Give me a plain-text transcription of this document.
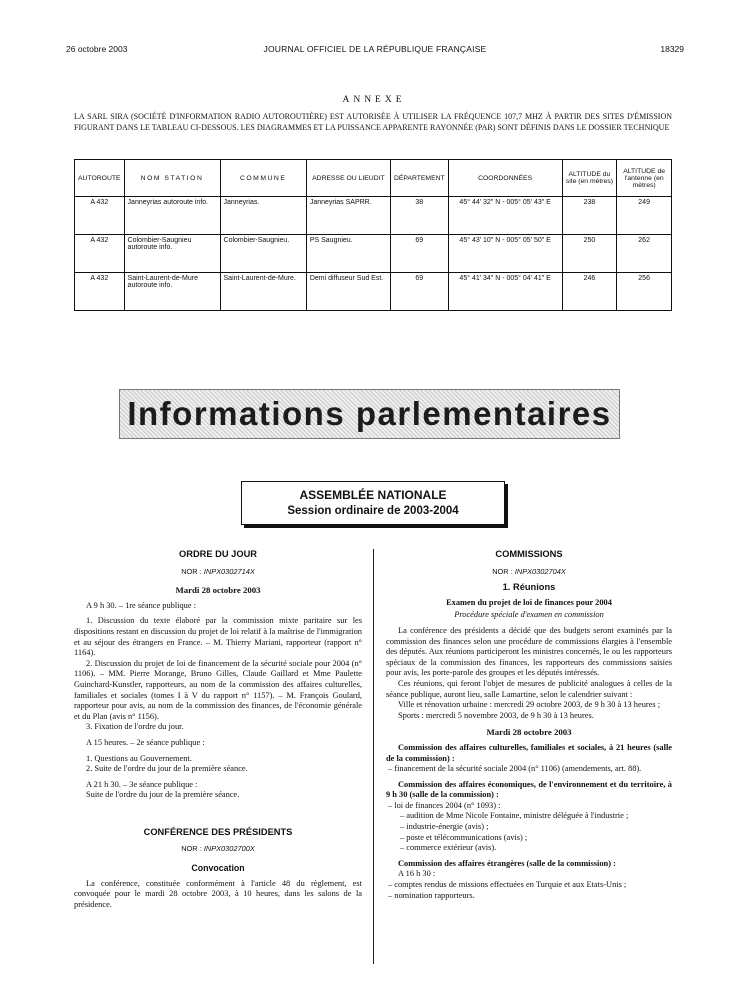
26 octobre 2003	JOURNAL OFFICIEL DE LA RÉPUBLIQUE FRANÇAISE	18329
ANNEXE
LA SARL SIRA (SOCIÉTÉ D'INFORMATION RADIO AUTOROUTIÈRE) EST AUTORISÉE À UTILISER LA FRÉQUENCE 107,7 MHZ À PARTIR DES SITES D'ÉMISSION FIGURANT DANS LE TABLEAU CI-DESSOUS. LES DIAGRAMMES ET LA PUISSANCE APPARENTE RAYONNÉE (PAR) SONT DÉFINIS DANS LE DOSSIER TECHNIQUE
AUTOROUTE	NOM STATION	COMMUNE	ADRESSE OU LIEUDIT	DÉPARTEMENT	COORDONNÉES	ALTITUDE du site (en mètres)	ALTITUDE de l'antenne (en mètres)
A 432	Janneyrias autoroute info.	Janneyrias.	Janneyrias SAPRR.	38	45° 44′ 32″ N - 005° 05′ 43″ E	238	249
A 432	Colombier-Saugnieu autoroute info.	Colombier-Saugnieu.	PS Saugnieu.	69	45° 43′ 10″ N - 005° 05′ 50″ E	250	262
A 432	Saint-Laurent-de-Mure autoroute info.	Saint-Laurent-de-Mure.	Demi diffuseur Sud Est.	69	45° 41′ 34″ N - 005° 04′ 41″ E	246	256
Informations parlementaires
ASSEMBLÉE NATIONALE
Session ordinaire de 2003-2004
ORDRE DU JOUR
NOR : INPX0302714X
Mardi 28 octobre 2003

A 9 h 30. – 1re séance publique :

1. Discussion du texte élaboré par la commission mixte paritaire sur les dispositions restant en discussion du projet de loi relatif à la maîtrise de l'immigration et au séjour des étrangers en France. – M. Thierry Mariani, rapporteur (rapport n° 1164).

2. Discussion du projet de loi de financement de la sécurité sociale pour 2004 (n° 1106). – MM. Pierre Morange, Bruno Gilles, Claude Gaillard et Mme Paulette Guinchard-Kunstler, rapporteurs, au nom de la commission des affaires culturelles, familiales et sociales (tomes I à V du rapport n° 1157). – M. François Goulard, rapporteur pour avis, au nom de la commission des finances, de l'économie générale et du Plan (avis n° 1156).

3. Fixation de l'ordre du jour.

A 15 heures. – 2e séance publique :

1. Questions au Gouvernement.

2. Suite de l'ordre du jour de la première séance.

A 21 h 30. – 3e séance publique :

Suite de l'ordre du jour de la première séance.

CONFÉRENCE DES PRÉSIDENTS
NOR : INPX0302700X
Convocation

La conférence, constituée conformément à l'article 48 du règlement, est convoquée pour le mardi 28 octobre 2003, à 10 heures, dans les salons de la présidence.

COMMISSIONS
NOR : INPX0302704X
1. Réunions
Examen du projet de loi de finances pour 2004
Procédure spéciale d'examen en commission

La conférence des présidents a décidé que des budgets seront examinés par la commission des finances selon une procédure de commissions élargies à l'ensemble des députés. Aux réunions participeront les ministres concernés, le ou les rapporteurs spéciaux de la commission des finances, les rapporteurs des commissions saisies pour avis, les porte-parole des groupes et les députés intéressés.

Ces réunions, qui feront l'objet de mesures de publicité analogues à celles de la séance publique, auront lieu, salle Lamartine, selon le calendrier suivant :

Ville et rénovation urbaine : mercredi 29 octobre 2003, de 9 h 30 à 13 heures ;

Sports : mercredi 5 novembre 2003, de 9 h 30 à 13 heures.

Mardi 28 octobre 2003

Commission des affaires culturelles, familiales et sociales, à 21 heures (salle de la commission) :

– financement de la sécurité sociale 2004 (n° 1106) (amendements, art. 88).

Commission des affaires économiques, de l'environnement et du territoire, à 9 h 30 (salle de la commission) :

– loi de finances 2004 (n° 1093) :

– audition de Mme Nicole Fontaine, ministre déléguée à l'industrie ;

– industrie-énergie (avis) ;

– poste et télécommunications (avis) ;

– commerce extérieur (avis).

Commission des affaires étrangères (salle de la commission) :

A 16 h 30 :

– comptes rendus de missions effectuées en Turquie et aux Etats-Unis ;

– nomination rapporteurs.
